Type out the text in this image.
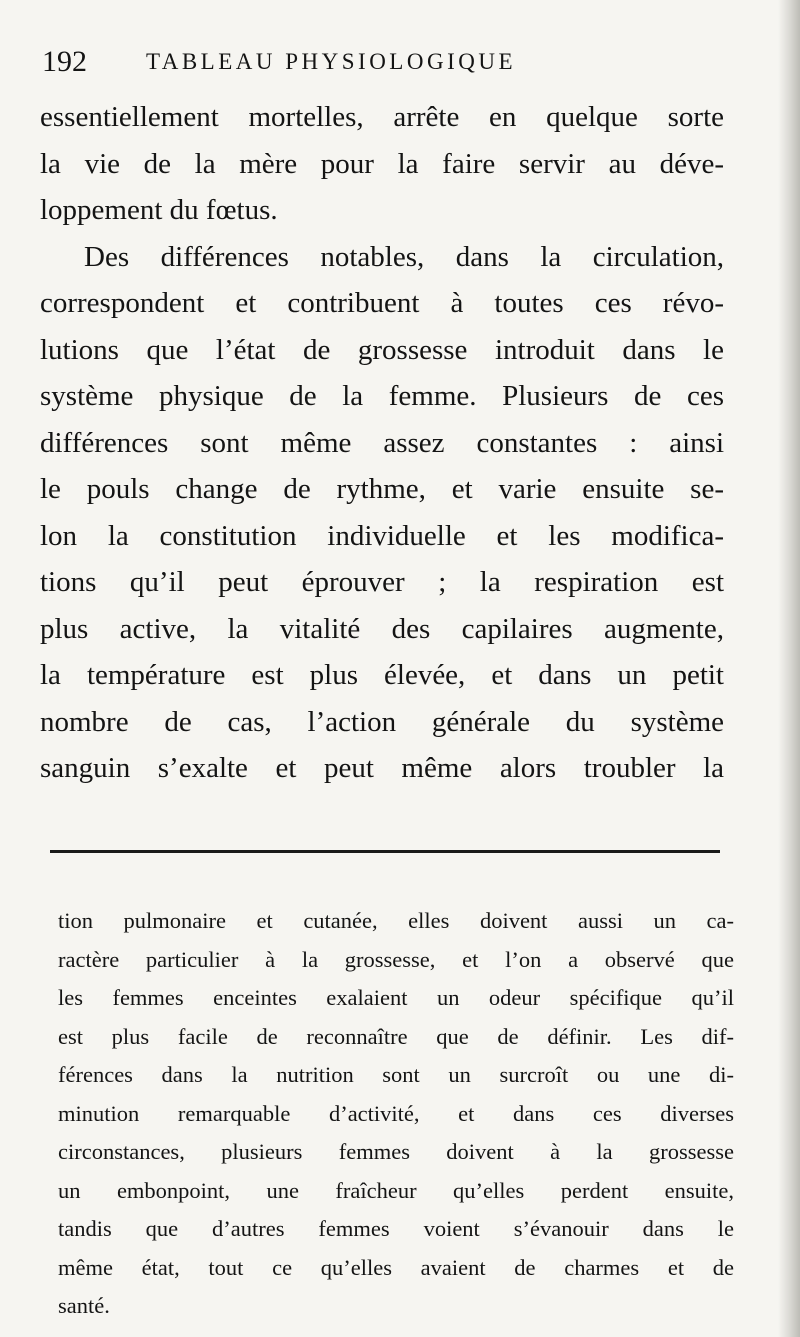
192	TABLEAU PHYSIOLOGIQUE
essentiellement mortelles, arrête en quelque sorte
la vie de la mère pour la faire servir au déve-
loppement du fœtus.
Des différences notables, dans la circulation,
correspondent et contribuent à toutes ces révo-
lutions que l’état de grossesse introduit dans le
système physique de la femme. Plusieurs de ces
différences sont même assez constantes : ainsi
le pouls change de rythme, et varie ensuite se-
lon la constitution individuelle et les modifica-
tions qu’il peut éprouver ; la respiration est
plus active, la vitalité des capilaires augmente,
la température est plus élevée, et dans un petit
nombre de cas, l’action générale du système
sanguin s’exalte et peut même alors troubler la
tion pulmonaire et cutanée, elles doivent aussi un ca-
ractère particulier à la grossesse, et l’on a observé que
les femmes enceintes exalaient un odeur spécifique qu’il
est plus facile de reconnaître que de définir. Les dif-
férences dans la nutrition sont un surcroît ou une di-
minution remarquable d’activité, et dans ces diverses
circonstances, plusieurs femmes doivent à la grossesse
un embonpoint, une fraîcheur qu’elles perdent ensuite,
tandis que d’autres femmes voient s’évanouir dans le
même état, tout ce qu’elles avaient de charmes et de
santé.
